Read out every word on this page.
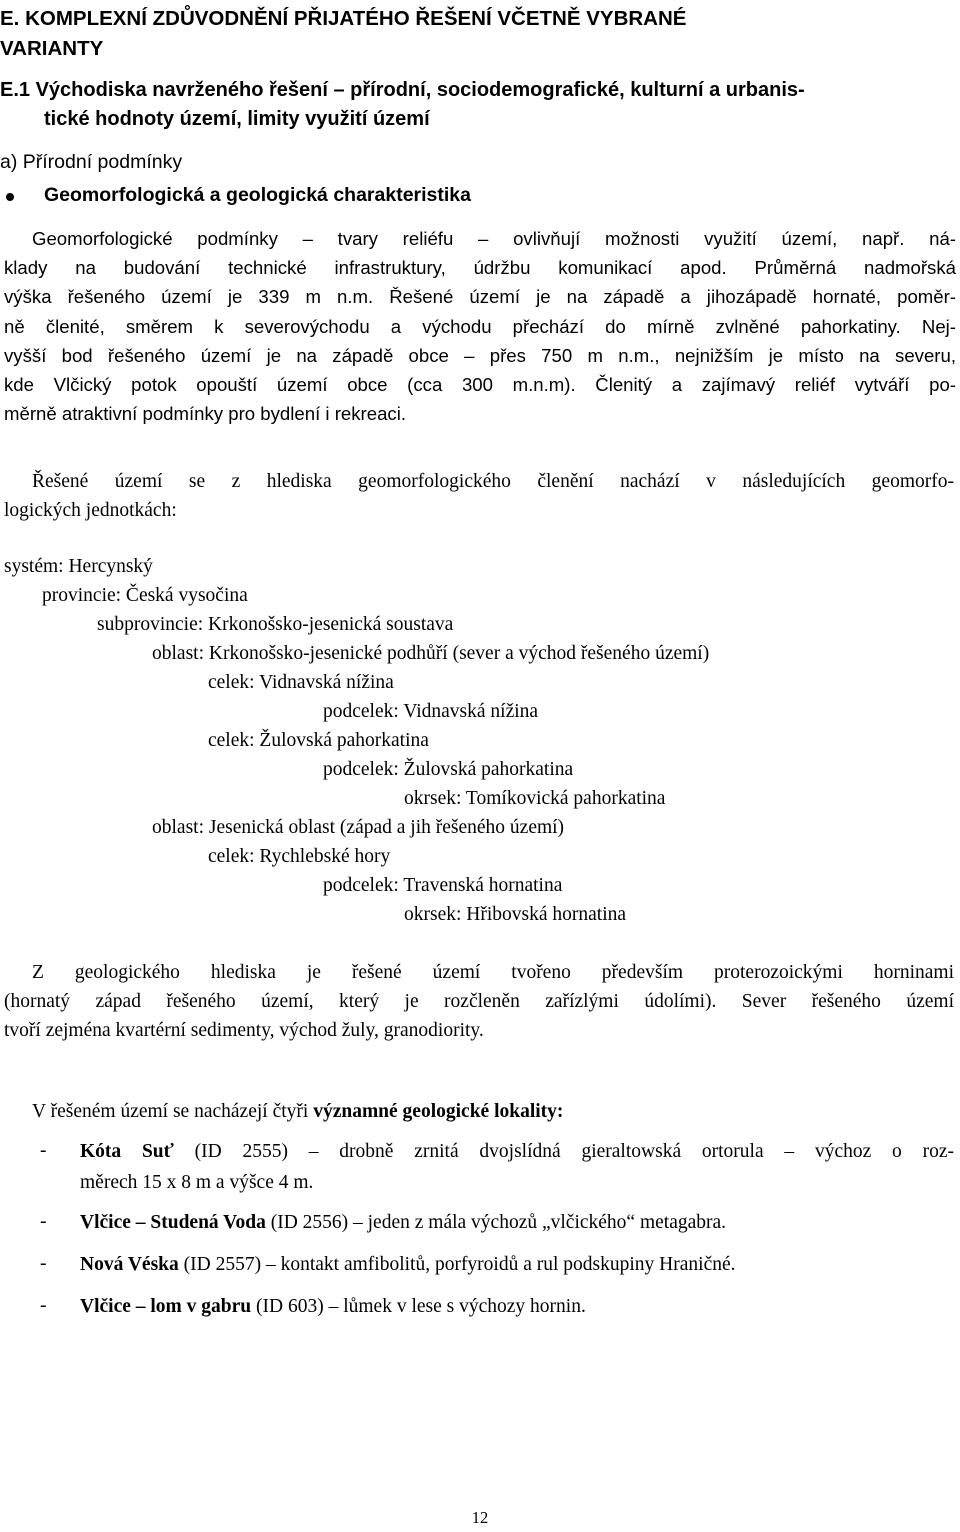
E. KOMPLEXNÍ ZDŮVODNĚNÍ PŘIJATÉHO ŘEŠENÍ VČETNĚ VYBRANÉ
VARIANTY
E.1 Východiska navrženého řešení – přírodní, sociodemografické, kulturní a urbanis-
tické hodnoty území, limity využití území
a) Přírodní podmínky
Geomorfologická a geologická charakteristika
Geomorfologické podmínky – tvary reliéfu – ovlivňují možnosti využití území, např. ná-
klady na budování technické infrastruktury, údržbu komunikací apod. Průměrná nadmořská
výška řešeného území je 339 m n.m. Řešené území je na západě a jihozápadě hornaté, poměr-
ně členité, směrem k severovýchodu a východu přechází do mírně zvlněné pahorkatiny. Nej-
vyšší bod řešeného území je na západě obce – přes 750 m n.m., nejnižším je místo na severu,
kde Vlčický potok opouští území obce (cca 300 m.n.m). Členitý a zajímavý reliéf vytváří po-
měrně atraktivní podmínky pro bydlení i rekreaci.
Řešené území se z hlediska geomorfologického členění nachází v následujících geomorfo-
logických jednotkách:
systém: Hercynský
provincie: Česká vysočina
subprovincie: Krkonošsko-jesenická soustava
oblast: Krkonošsko-jesenické podhůří (sever a východ řešeného území)
celek: Vidnavská nížina
podcelek: Vidnavská nížina
celek: Žulovská pahorkatina
podcelek: Žulovská pahorkatina
okrsek: Tomíkovická pahorkatina
oblast: Jesenická oblast (západ a jih řešeného území)
celek: Rychlebské hory
podcelek: Travenská hornatina
okrsek: Hřibovská hornatina
Z geologického hlediska je řešené území tvořeno především proterozoickými horninami
(hornatý západ řešeného území, který je rozčleněn zařízlými údolími). Sever řešeného území
tvoří zejména kvartérní sedimenty, východ žuly, granodiority.
V řešeném území se nacházejí čtyři významné geologické lokality:
- Kóta Suť (ID 2555) – drobně zrnitá dvojslídná gieraltowská ortorula – výchoz o roz-
měrech 15 x 8 m a výšce 4 m.
- Vlčice – Studená Voda (ID 2556) – jeden z mála výchozů „vlčického“ metagabra.
- Nová Véska (ID 2557) – kontakt amfibolitů, porfyroidů a rul podskupiny Hraničné.
- Vlčice – lom v gabru (ID 603) – lůmek v lese s výchozy hornin.
12
